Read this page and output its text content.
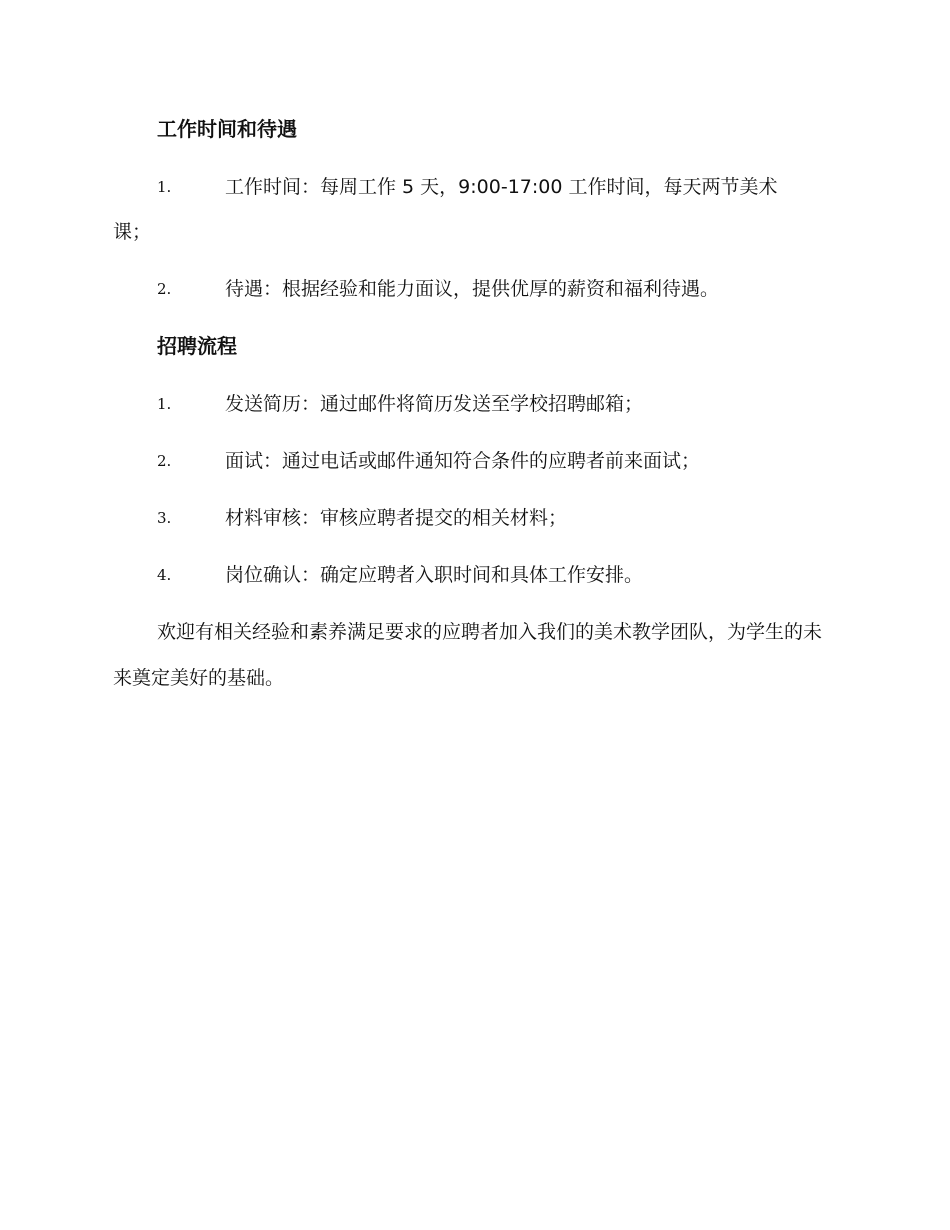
工作时间和待遇
1.	工作时间：每周工作 5 天，9:00-17:00 工作时间，每天两节美术
课；
2.	待遇：根据经验和能力面议，提供优厚的薪资和福利待遇。
招聘流程
1.	发送简历：通过邮件将简历发送至学校招聘邮箱；
2.	面试：通过电话或邮件通知符合条件的应聘者前来面试；
3.	材料审核：审核应聘者提交的相关材料；
4.	岗位确认：确定应聘者入职时间和具体工作安排。

欢迎有相关经验和素养满足要求的应聘者加入我们的美术教学团队，为学生的未来奠定美好的基础。
